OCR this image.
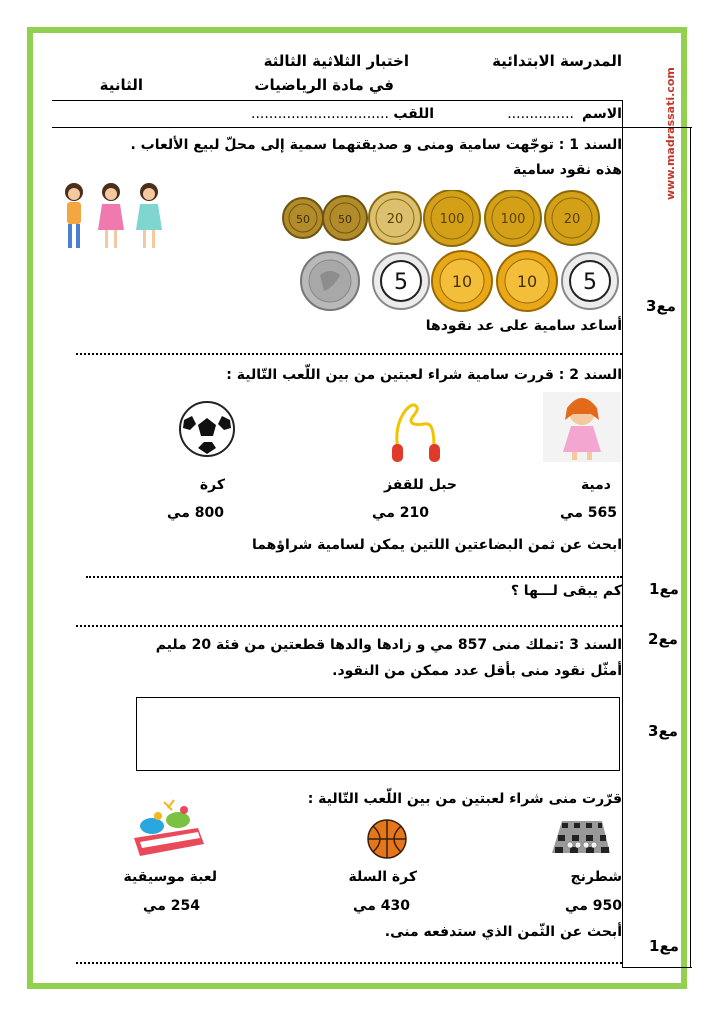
www.madrassati.com
المدرسة الابتدائية
اختبار الثلاثية الثالثة
في مادة الرياضيات
الثانية
الاسم
...............
اللقب
...............................
السند 1 : توجّهت سامية ومنى و صديقتهما سمية إلى محلّ لبيع الألعاب .
هذه نقود سامية
20
100
100
20
50
50
5
10
10
5
أساعد سامية على عد نقودها
مع3
السند 2 : قررت سامية شراء لعبتين من بين اللّعب التّالية :
دمية
565 مي
حبل للقفز
210 مي
كرة
800 مي
ابحث عن ثمن البضاعتين اللتين يمكن لسامية شراؤهما
كم يبقى لـــها ؟ مع1
السند 3 :تملك منى 857 مي و زادها والدها قطعتين من فئة 20 مليم
أمثّل نقود منى بأقل عدد ممكن من النقود.
مع2
مع3
قرّرت منى شراء لعبتين من بين اللّعب التّالية :
شطرنج
950 مي
كرة السلة
430 مي
لعبة موسيقية
254 مي
أبحث عن الثّمن الذي ستدفعه منى.
مع1
